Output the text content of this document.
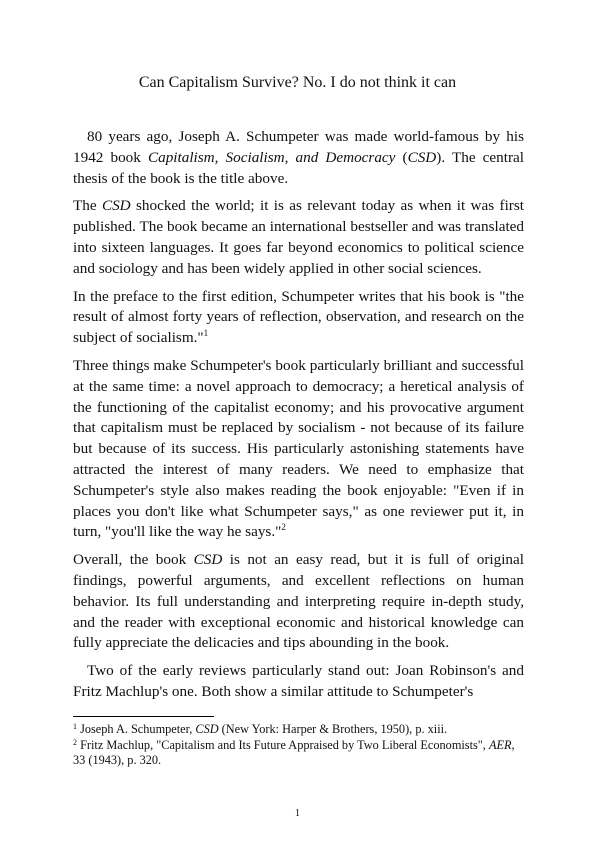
Can Capitalism Survive? No. I do not think it can

80 years ago, Joseph A. Schumpeter was made world-famous by his 1942 book Capitalism, Socialism, and Democracy (CSD). The central thesis of the book is the title above.

The CSD shocked the world; it is as relevant today as when it was first published. The book became an international bestseller and was translated into sixteen languages. It goes far beyond economics to political science and sociology and has been widely applied in other social sciences.

In the preface to the first edition, Schumpeter writes that his book is "the result of almost forty years of reflection, observation, and research on the subject of socialism."$^1$

Three things make Schumpeter's book particularly brilliant and successful at the same time: a novel approach to democracy; a heretical analysis of the functioning of the capitalist economy; and his provocative argument that capitalism must be replaced by socialism - not because of its failure but because of its success. His particularly astonishing statements have attracted the interest of many readers. We need to emphasize that Schumpeter's style also makes reading the book enjoyable: "Even if in places you don't like what Schumpeter says," as one reviewer put it, in turn, "you'll like the way he says."$^2$

Overall, the book CSD is not an easy read, but it is full of original findings, powerful arguments, and excellent reflections on human behavior. Its full understanding and interpreting require in-depth study, and the reader with exceptional economic and historical knowledge can fully appreciate the delicacies and tips abounding in the book.

Two of the early reviews particularly stand out: Joan Robinson's and Fritz Machlup's one. Both show a similar attitude to Schumpeter's

$^1$ Joseph A. Schumpeter, CSD (New York: Harper & Brothers, 1950), p. xiii.
$^2$ Fritz Machlup, "Capitalism and Its Future Appraised by Two Liberal Economists", AER, 33 (1943), p. 320.
1
